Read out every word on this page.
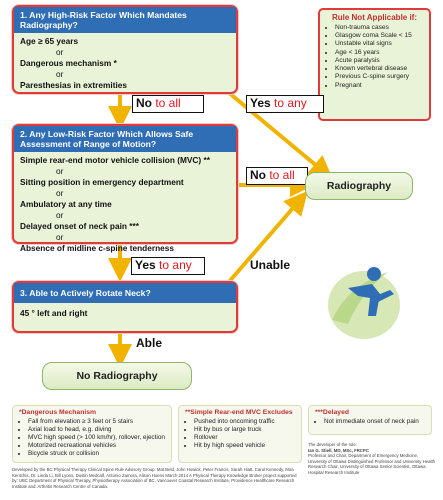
1. Any High-Risk Factor Which Mandates Radiography?
Age ≥ 65 years
or
Dangerous mechanism *
or
Paresthesias in extremities
Rule Not Applicable if:
• Non-trauma cases
• Glasgow coma Scale < 15
• Unstable vital signs
• Age < 16 years
• Acute paralysis
• Known vertebral disease
• Previous C-spine surgery
• Pregnant
No to all	Yes to any
2. Any Low-Risk Factor Which Allows Safe Assessment of Range of Motion?
Simple rear-end motor vehicle collision (MVC) **
or
Sitting position in emergency department
or
Ambulatory at any time
or
Delayed onset of neck pain ***
or
Absence of midline c-spine tenderness
No to all
Radiography
Yes to any	Unable
3. Able to Actively Rotate Neck?
45 ° left and right
Able
No Radiography
*Dangerous Mechanism
• Fall from elevation ≥ 3 feet or 5 stairs
• Axial load to head, e.g. diving
• MVC high speed (> 100 km/hr), rollover, ejection
• Motorized recreational vehicles
• Bicycle struck or collision
**Simple Rear-end MVC Excludes
• Pushed into oncoming traffic
• Hit by bus or large truck
• Rollover
• Hit by high speed vehicle
***Delayed
• Not immediate onset of neck pain
Developed by the BC Physical Therapy Clinical Spine Rule Advisory Group: Mat Beld, John Howick, Peter Francis, Sarah Hiatt, Carol Kennedy, Mira Kentchis, Dr. Linda Li, Bill Lyons, Dustin Medcalf, Antonio Zamora, Alison Hoens March 2014 A Physical Therapy Knowledge Broker project supported by: UBC Department of Physical Therapy, Physiotherapy Association of BC, Vancouver Coastal Research Institute, Providence Healthcare Research Institute and: Arthritis Research Centre of Canada.
The developer of the rule:
Ian G. Stiell, MD, MSc, FRCPC
Professor and Chair, Department of Emergency Medicine, University of Ottawa Distinguished Professor and University Health Research Chair, University of Ottawa Senior Scientist, Ottawa Hospital Research Institute
